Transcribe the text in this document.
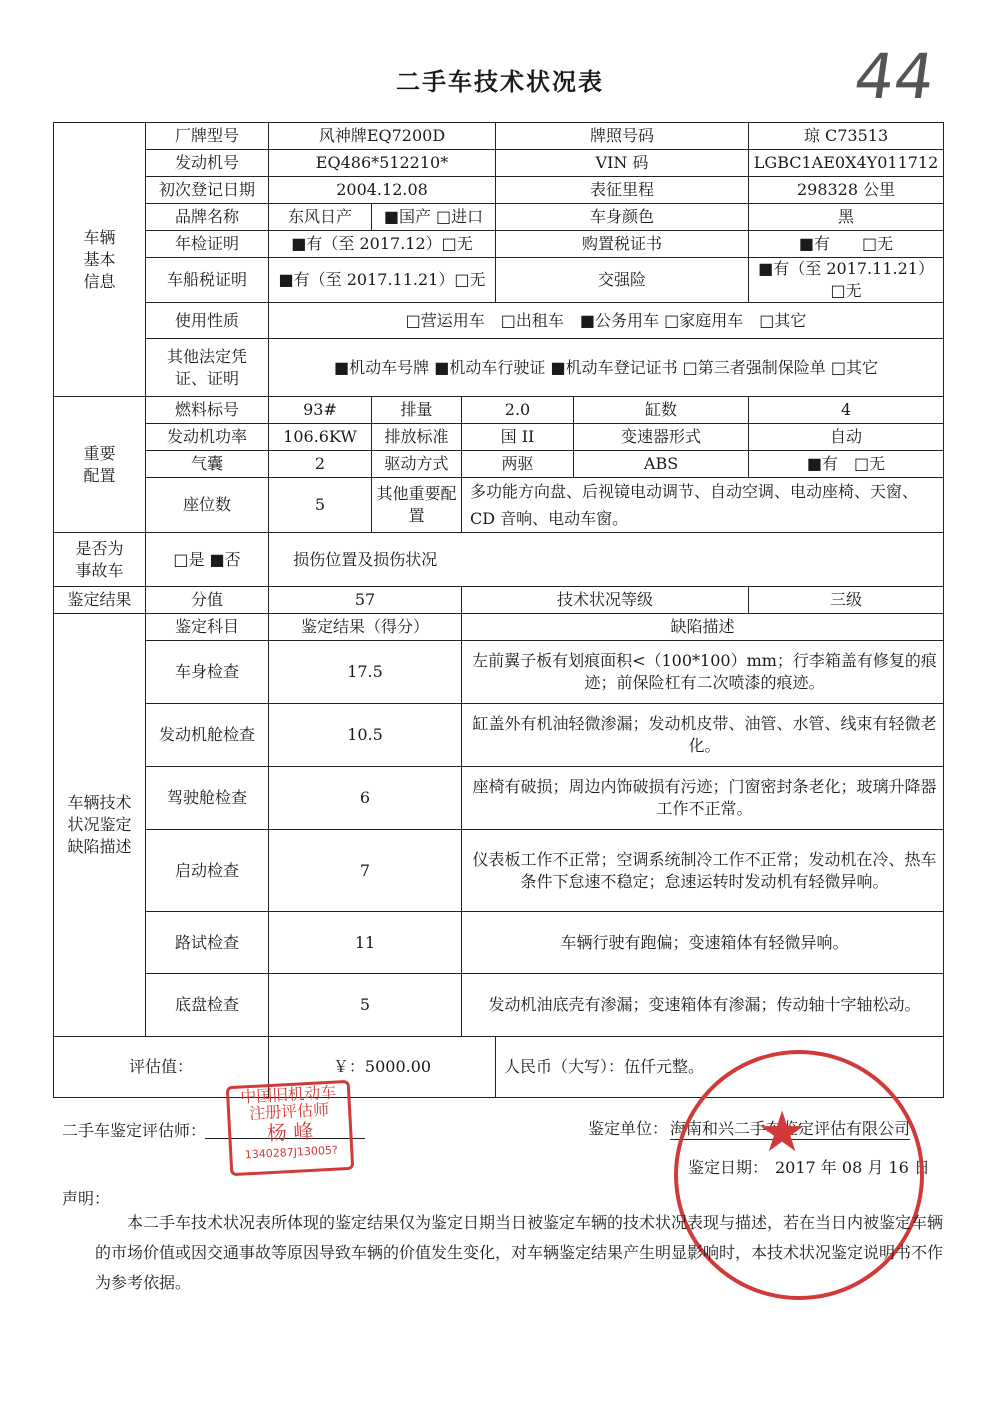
二手车技术状况表	44
车辆
基本
信息	厂牌型号	风神牌EQ7200D			牌照号码		琼 C73513
	发动机号	EQ486*512210*			VIN 码		LGBC1AE0X4Y011712
	初次登记日期	2004.12.08			表征里程		298328 公里
	品牌名称	东风日产	■国产 □进口		车身颜色		黑
	年检证明	■有（至 2017.12）□无			购置税证书		■有　　□无
	车船税证明	■有（至 2017.11.21）□无			交强险		■有（至 2017.11.21）□无
	使用性质	□营运用车　□出租车　■公务用车 □家庭用车　□其它					
	其他法定凭
证、证明	■机动车号牌 ■机动车行驶证 ■机动车登记证书 □第三者强制保险单 □其它					
重要
配置	燃料标号	93#	排量	2.0		缸数	4
	发动机功率	106.6KW	排放标准	国 II		变速器形式	自动
	气囊	2	驱动方式	两驱		ABS	■有　□无
	座位数	5	其他重要配置	多功能方向盘、后视镜电动调节、自动空调、电动座椅、天窗、CD 音响、电动车窗。			
是否为
事故车	□是 ■否	损伤位置及损伤状况					
鉴定结果	分值	57		技术状况等级			三级
车辆技术
状况鉴定
缺陷描述	鉴定科目	鉴定结果（得分）		缺陷描述			
	车身检查	17.5		左前翼子板有划痕面积<（100*100）mm；行李箱盖有修复的痕迹；前保险杠有二次喷漆的痕迹。			
	发动机舱检查	10.5		缸盖外有机油轻微渗漏；发动机皮带、油管、水管、线束有轻微老化。			
	驾驶舱检查	6		座椅有破损；周边内饰破损有污迹；门窗密封条老化；玻璃升降器工作不正常。			
	启动检查	7		仪表板工作不正常；空调系统制冷工作不正常；发动机在冷、热车条件下怠速不稳定；怠速运转时发动机有轻微异响。			
	路试检查	11		车辆行驶有跑偏；变速箱体有轻微异响。			
	底盘检查	5		发动机油底壳有渗漏；变速箱体有渗漏；传动轴十字轴松动。			
评估值：		￥：5000.00			人民币（大写）：伍仟元整。		
二手车鉴定评估师：
中国旧机动车
注册评估师
杨 峰
1340287J13005?
鉴定单位： 海南和兴二手车鉴定评估有限公司
鉴定日期： 2017 年 08 月 16 日
★
声明：
本二手车技术状况表所体现的鉴定结果仅为鉴定日期当日被鉴定车辆的技术状况表现与描述，若在当日内被鉴定车辆的市场价值或因交通事故等原因导致车辆的价值发生变化，对车辆鉴定结果产生明显影响时，本技术状况鉴定说明书不作为参考依据。
